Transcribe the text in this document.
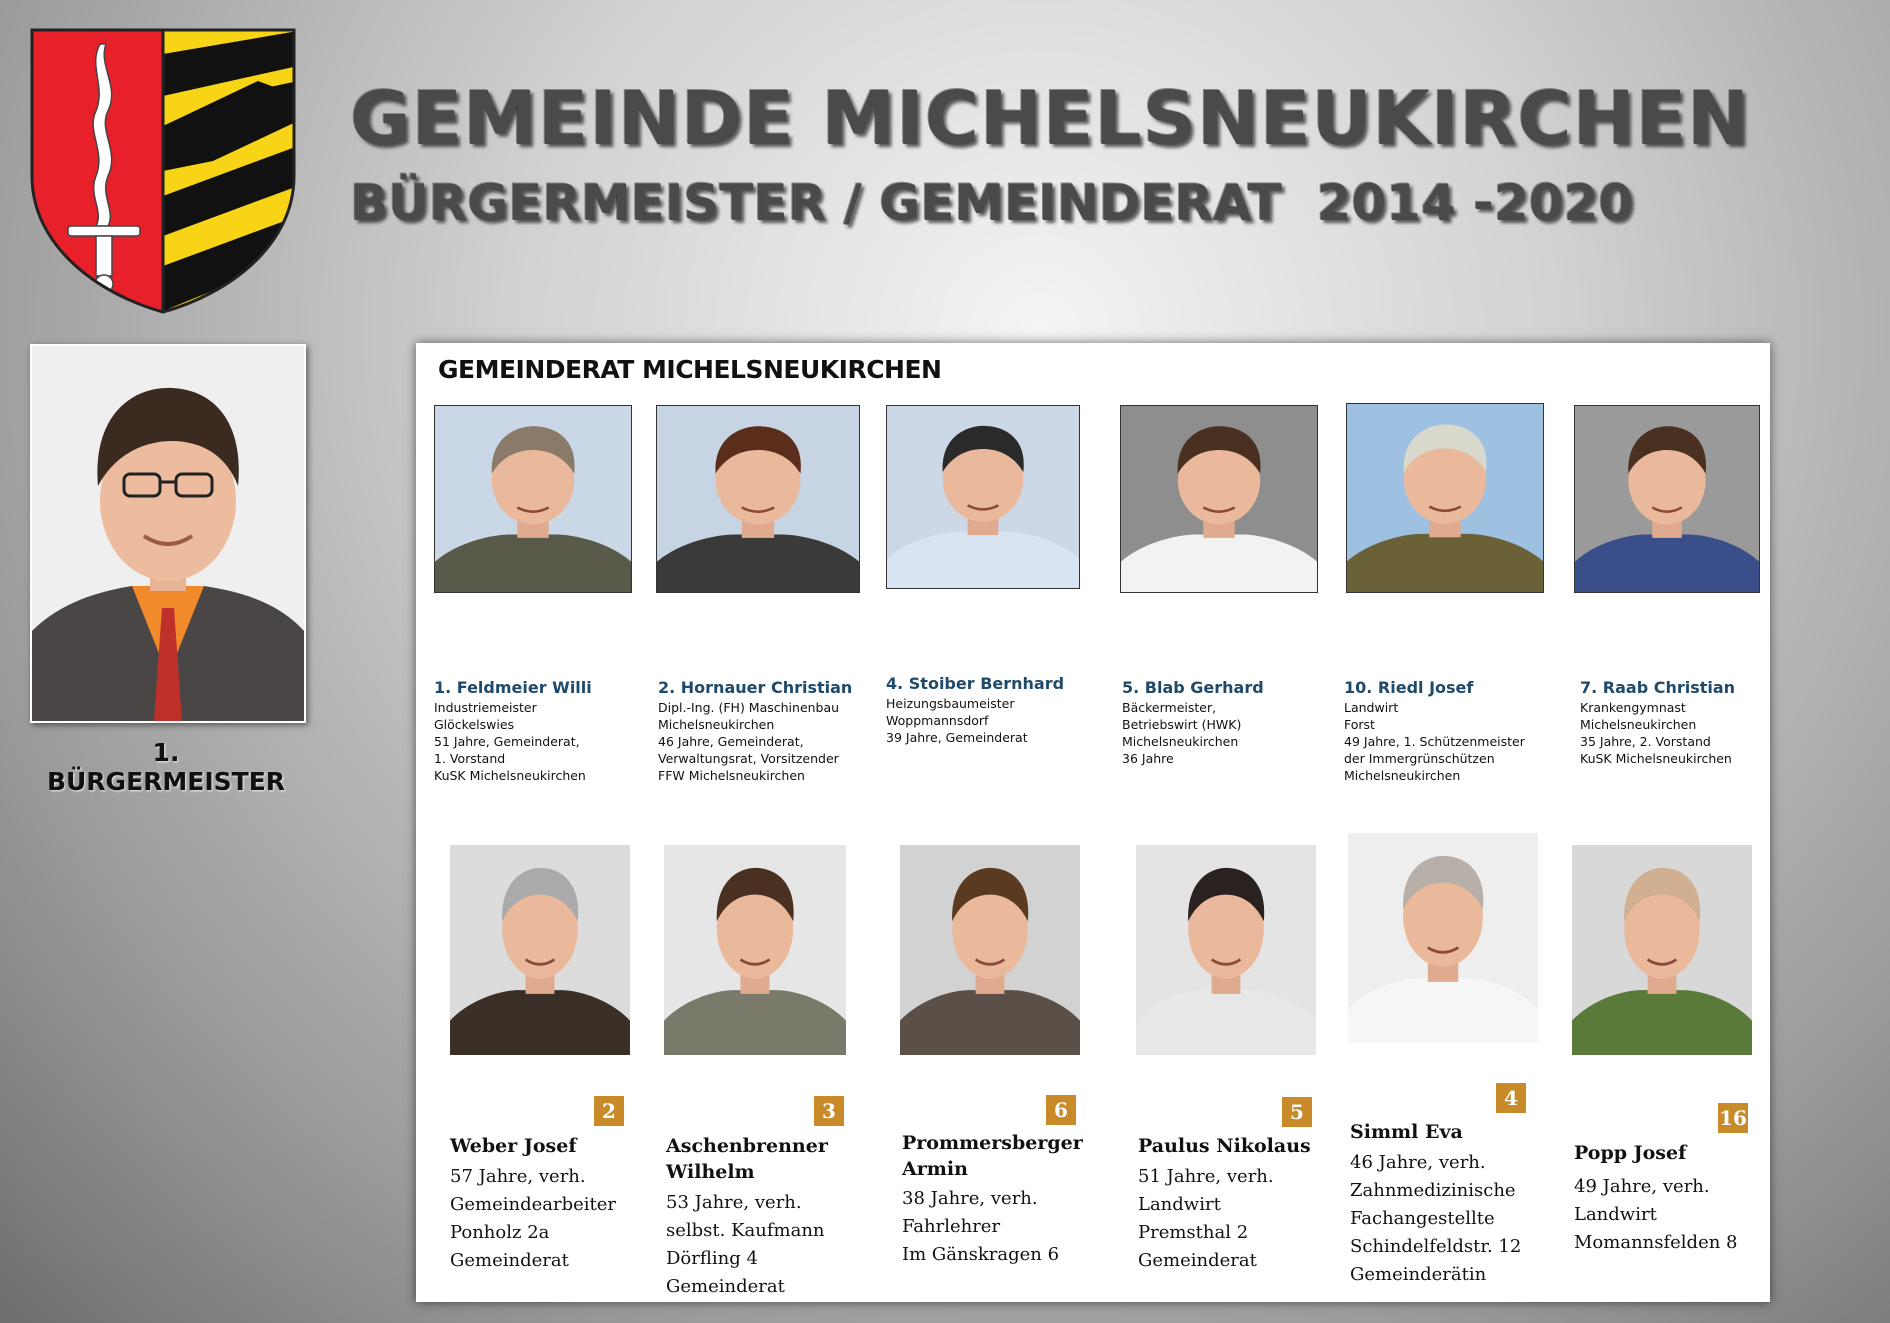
GEMEINDE MICHELSNEUKIRCHEN
BÜRGERMEISTER / GEMEINDERAT  2014 -2020
1. BÜRGERMEISTER
GEMEINDERAT MICHELSNEUKIRCHEN
1. Feldmeier Willi
Industriemeister
Glöckelswies
51 Jahre, Gemeinderat,
1. Vorstand
KuSK Michelsneukirchen
2. Hornauer Christian
Dipl.-Ing. (FH) Maschinenbau
Michelsneukirchen
46 Jahre, Gemeinderat,
Verwaltungsrat, Vorsitzender
FFW Michelsneukirchen
4. Stoiber Bernhard
Heizungsbaumeister
Woppmannsdorf
39 Jahre, Gemeinderat
5. Blab Gerhard
Bäckermeister,
Betriebswirt (HWK)
Michelsneukirchen
36 Jahre
10. Riedl Josef
Landwirt
Forst
49 Jahre, 1. Schützenmeister
der Immergrünschützen
Michelsneukirchen
7. Raab Christian
Krankengymnast
Michelsneukirchen
35 Jahre, 2. Vorstand
KuSK Michelsneukirchen
2
Weber Josef
57 Jahre, verh.
Gemeindearbeiter
Ponholz 2a
Gemeinderat
3
Aschenbrenner
Wilhelm
53 Jahre, verh.
selbst. Kaufmann
Dörfling 4
Gemeinderat
6
Prommersberger
Armin
38 Jahre, verh.
Fahrlehrer
Im Gänskragen 6
5
Paulus Nikolaus
51 Jahre, verh.
Landwirt
Premsthal 2
Gemeinderat
4
Simml Eva
46 Jahre, verh.
Zahnmedizinische
Fachangestellte
Schindelfeldstr. 12
Gemeinderätin
16
Popp Josef
49 Jahre, verh.
Landwirt
Momannsfelden 8
